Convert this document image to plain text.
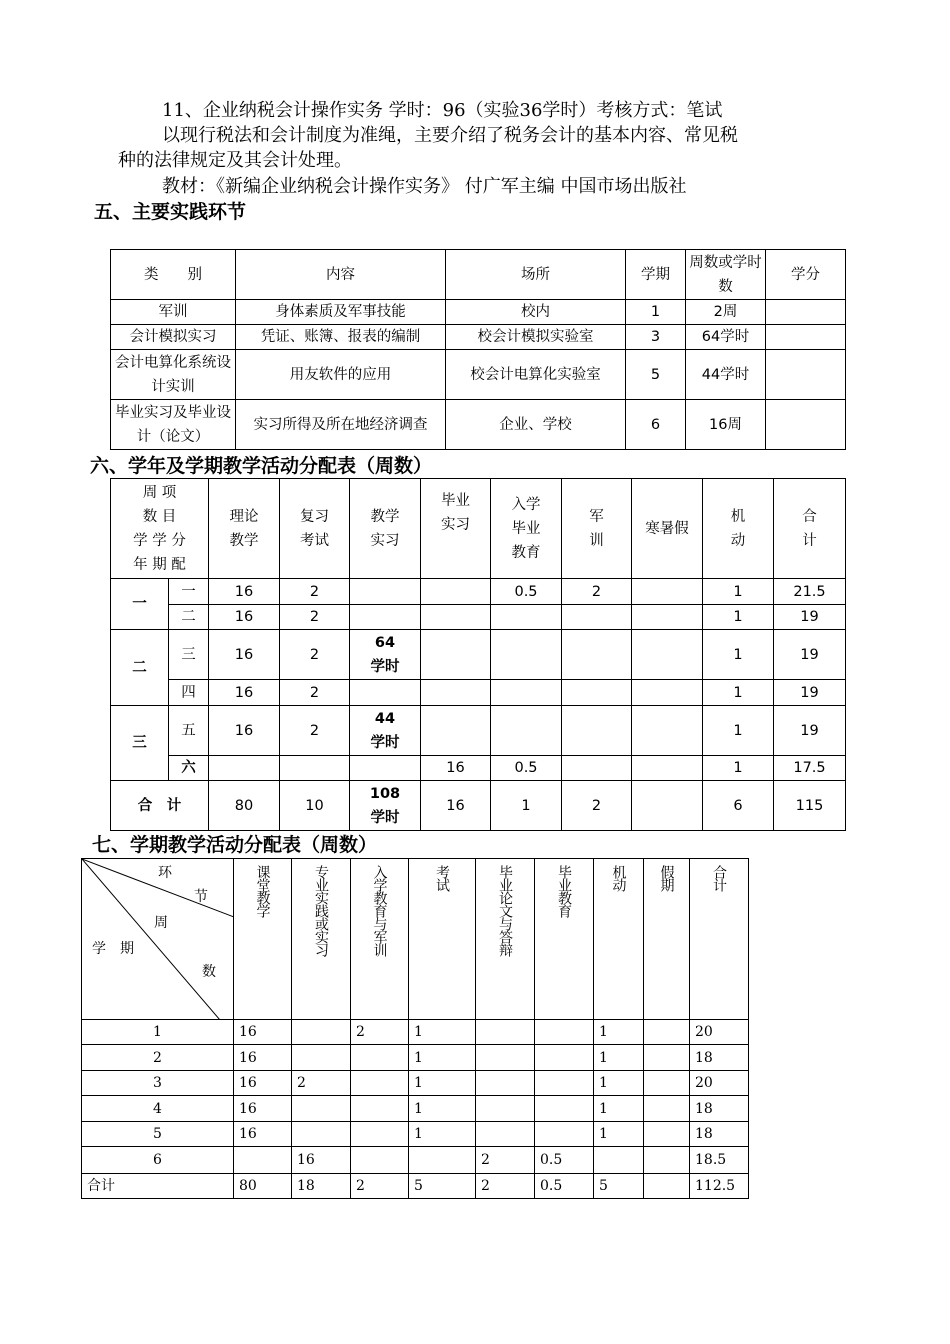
11、企业纳税会计操作实务 学时：96（实验36学时）考核方式：笔试

以现行税法和会计制度为准绳，主要介绍了税务会计的基本内容、常见税

种的法律规定及其会计处理。

教材：《新编企业纳税会计操作实务》 付广军主编 中国市场出版社

五、主要实践环节
类　　别	内容	场所	学期	周数或学时数	学分
军训	身体素质及军事技能	校内	1	2周	
会计模拟实习	凭证、账簿、报表的编制	校会计模拟实验室	3	64学时	
会计电算化系统设计实训	用友软件的应用	校会计电算化实验室	5	44学时	
毕业实习及毕业设计（论文）	实习所得及所在地经济调查	企业、学校	6	16周	
六、学年及学期教学活动分配表（周数）
周 项
数 目
学 学 分
年 期 配		理论教学	复习考试	教学实习	毕业实习	入学毕业教育	军训	寒暑假	机动	合计
一	一	16	2			0.5	2		1	21.5
	二	16	2						1	19
二	三	16	2	64学时					1	19
	四	16	2						1	19
三	五	16	2	44学时					1	19
	六				16	0.5			1	17.5
合　计		80	10	108学时	16	1	2		6	115
七、学期教学活动分配表（周数）
环
节
周
学　期
数	课堂教学	专业实践或实习	入学教育与军训	考试	毕业论文与答辩	毕业教育	机动	假期	合计
1	16		2	1			1		20
2	16			1			1		18
3	16	2		1			1		20
4	16			1			1		18
5	16			1			1		18
6		16			2	0.5			18.5
合计	80	18	2	5	2	0.5	5		112.5
